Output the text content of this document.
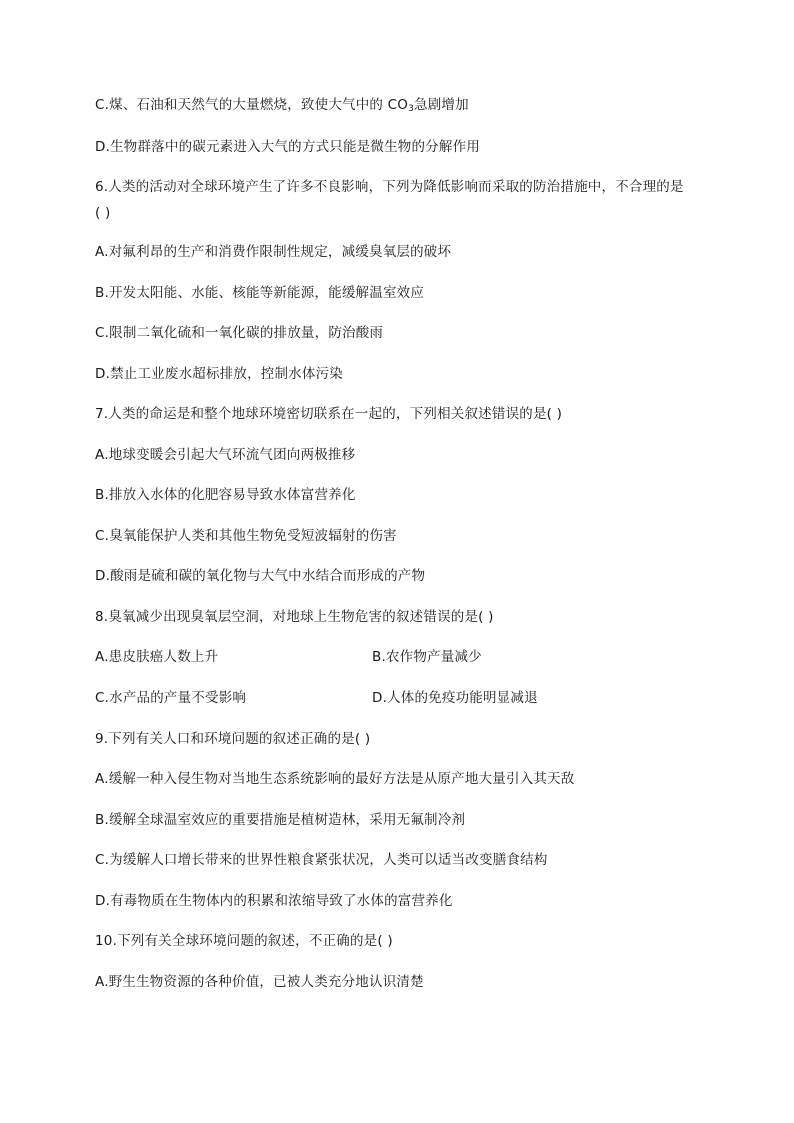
C.煤、石油和天然气的大量燃烧，致使大气中的 $CO_3$急剧增加
D.生物群落中的碳元素进入大气的方式只能是微生物的分解作用
6.人类的活动对全球环境产生了许多不良影响，下列为降低影响而采取的防治措施中，不合理的是
( )
A.对氟利昂的生产和消费作限制性规定，减缓臭氧层的破坏
B.开发太阳能、水能、核能等新能源，能缓解温室效应
C.限制二氧化硫和一氧化碳的排放量，防治酸雨
D.禁止工业废水超标排放，控制水体污染
7.人类的命运是和整个地球环境密切联系在一起的，下列相关叙述错误的是( )
A.地球变暖会引起大气环流气团向两极推移
B.排放入水体的化肥容易导致水体富营养化
C.臭氧能保护人类和其他生物免受短波辐射的伤害
D.酸雨是硫和碳的氧化物与大气中水结合而形成的产物
8.臭氧减少出现臭氧层空洞，对地球上生物危害的叙述错误的是( )
A.患皮肤癌人数上升	B.农作物产量减少
C.水产品的产量不受影响	D.人体的免疫功能明显减退
9.下列有关人口和环境问题的叙述正确的是( )
A.缓解一种入侵生物对当地生态系统影响的最好方法是从原产地大量引入其天敌
B.缓解全球温室效应的重要措施是植树造林，采用无氟制冷剂
C.为缓解人口增长带来的世界性粮食紧张状况，人类可以适当改变膳食结构
D.有毒物质在生物体内的积累和浓缩导致了水体的富营养化
10.下列有关全球环境问题的叙述，不正确的是( )
A.野生生物资源的各种价值，已被人类充分地认识清楚
